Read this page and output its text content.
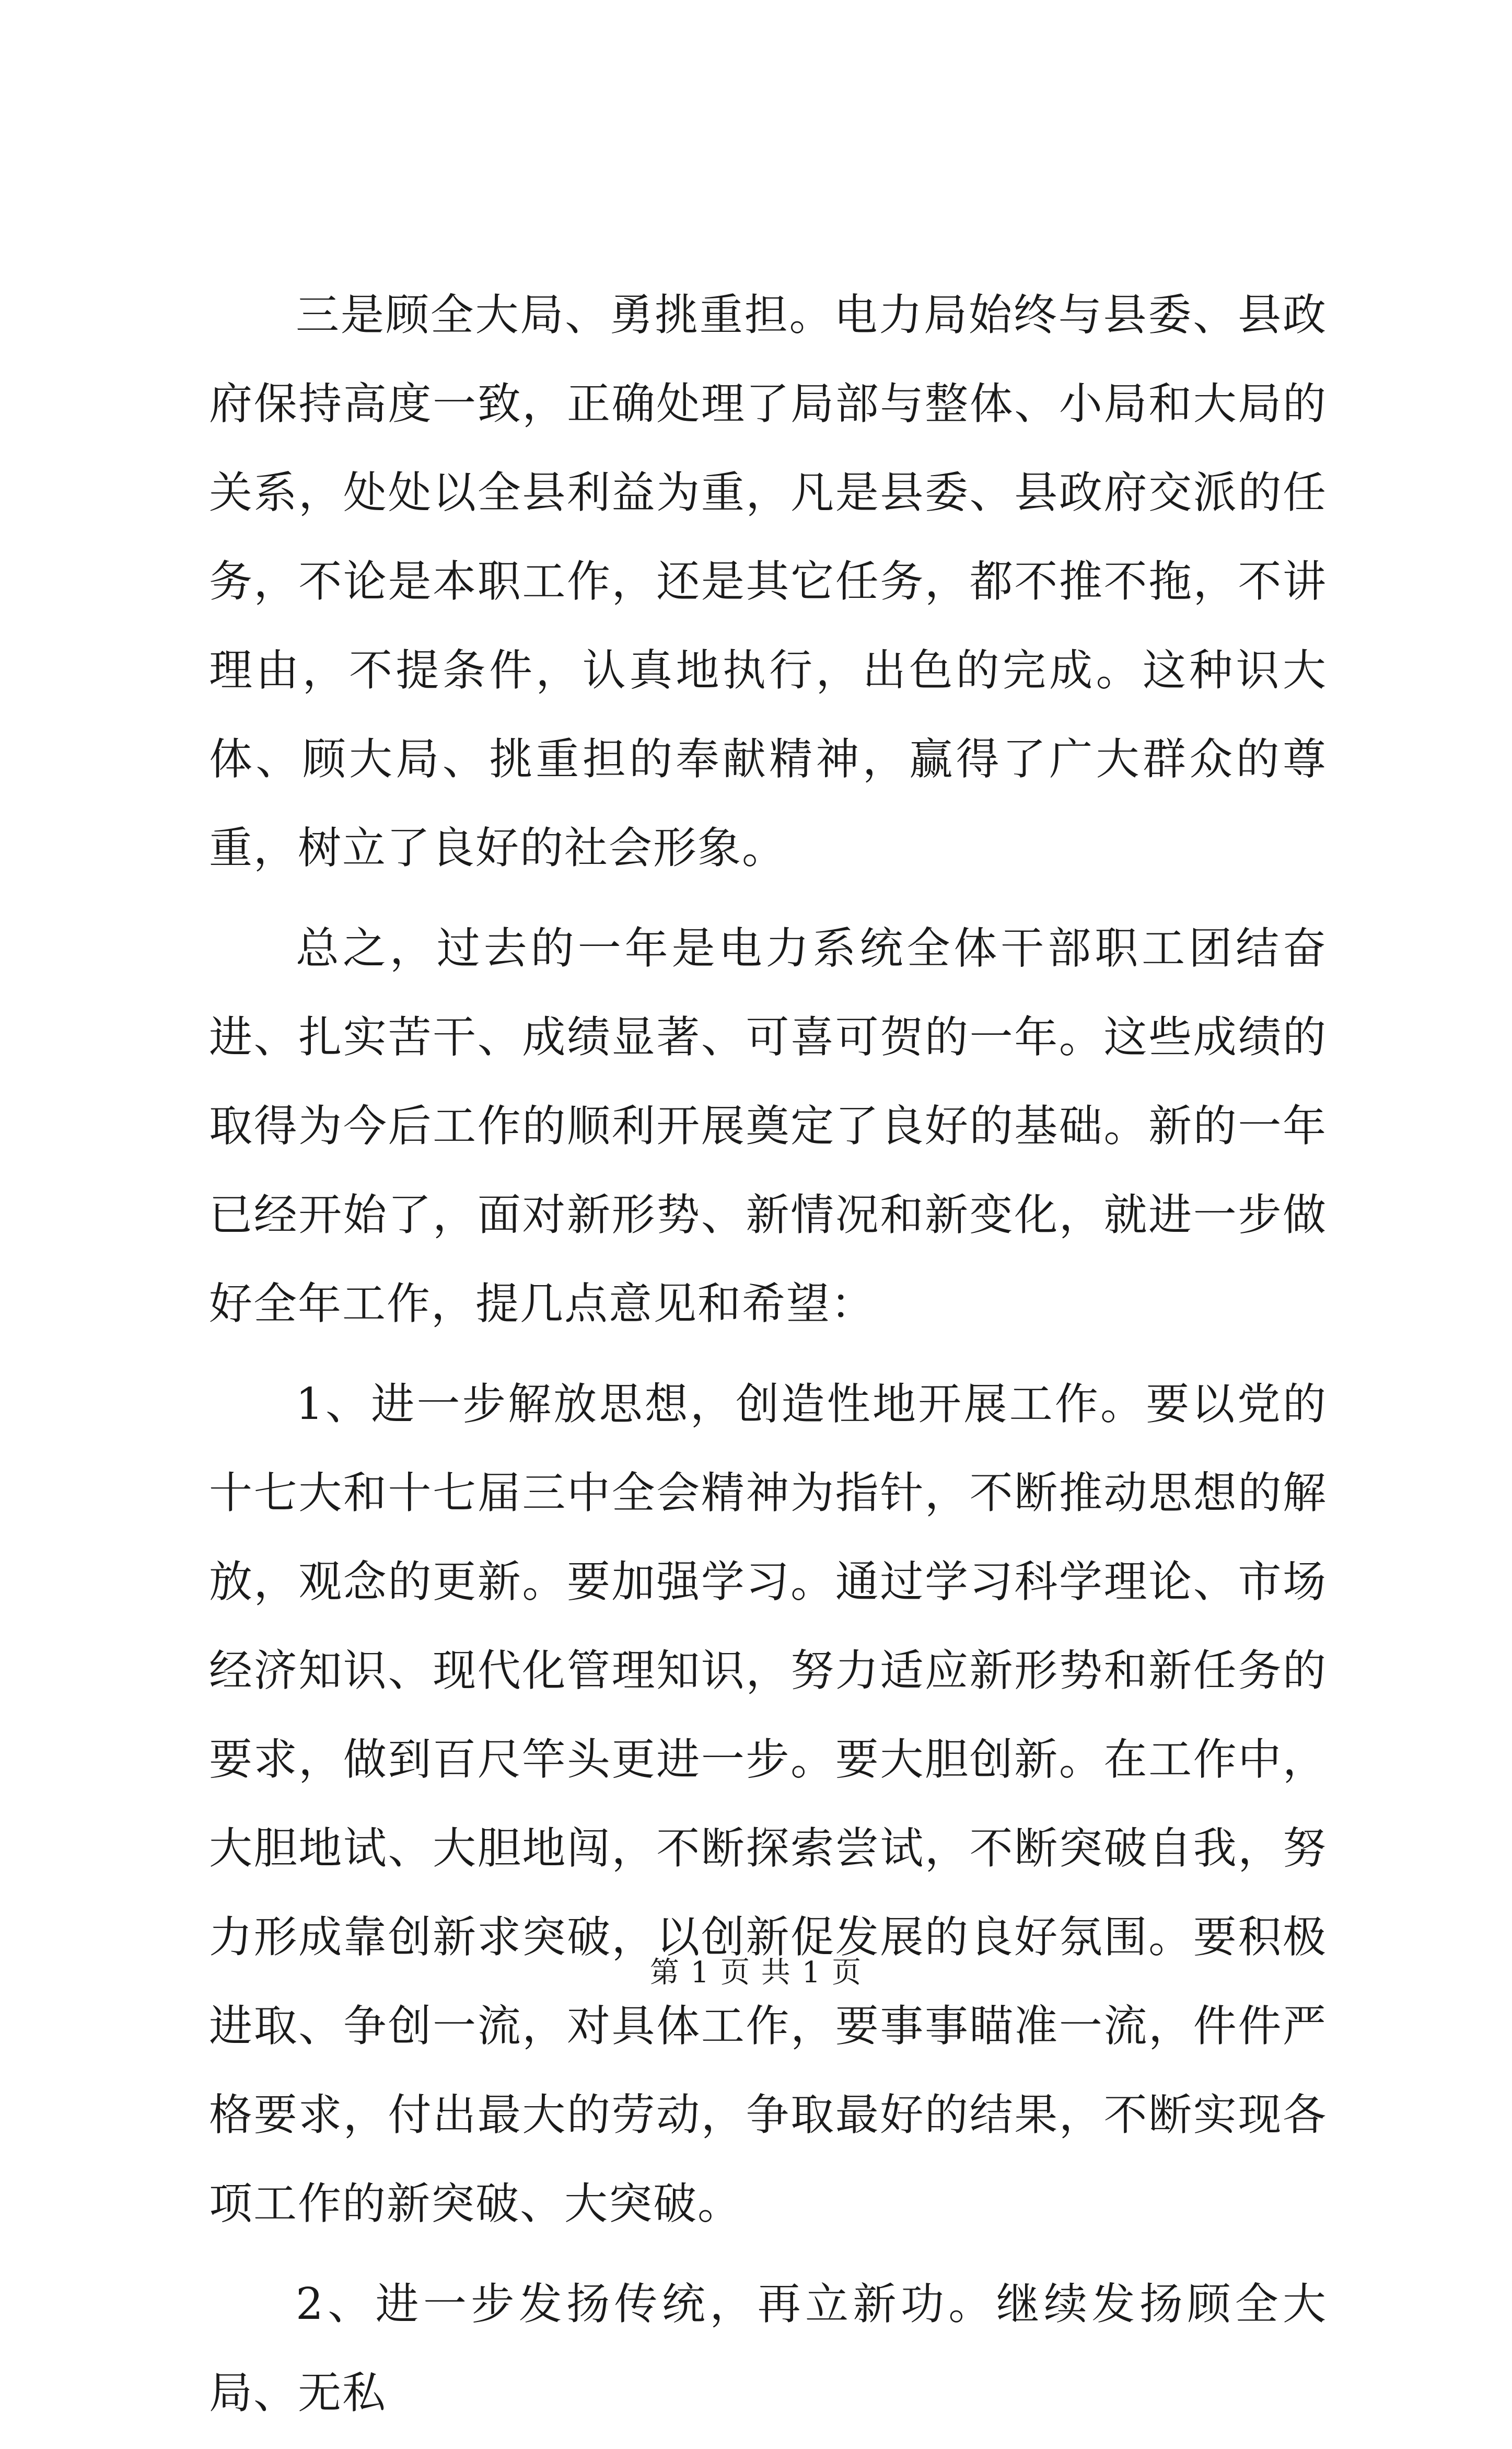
三是顾全大局、勇挑重担。电力局始终与县委、县政府保持高度一致，正确处理了局部与整体、小局和大局的关系，处处以全县利益为重，凡是县委、县政府交派的任务，不论是本职工作，还是其它任务，都不推不拖，不讲理由，不提条件，认真地执行，出色的完成。这种识大体、顾大局、挑重担的奉献精神，赢得了广大群众的尊重，树立了良好的社会形象。

总之，过去的一年是电力系统全体干部职工团结奋进、扎实苦干、成绩显著、可喜可贺的一年。这些成绩的取得为今后工作的顺利开展奠定了良好的基础。新的一年已经开始了，面对新形势、新情况和新变化，就进一步做好全年工作，提几点意见和希望：

1、进一步解放思想，创造性地开展工作。要以党的十七大和十七届三中全会精神为指针，不断推动思想的解放，观念的更新。要加强学习。通过学习科学理论、市场经济知识、现代化管理知识，努力适应新形势和新任务的要求，做到百尺竿头更进一步。要大胆创新。在工作中，大胆地试、大胆地闯，不断探索尝试，不断突破自我，努力形成靠创新求突破，以创新促发展的良好氛围。要积极进取、争创一流，对具体工作，要事事瞄准一流，件件严格要求，付出最大的劳动，争取最好的结果，不断实现各项工作的新突破、大突破。

2、进一步发扬传统，再立新功。继续发扬顾全大局、无私

第 1 页 共 1 页
